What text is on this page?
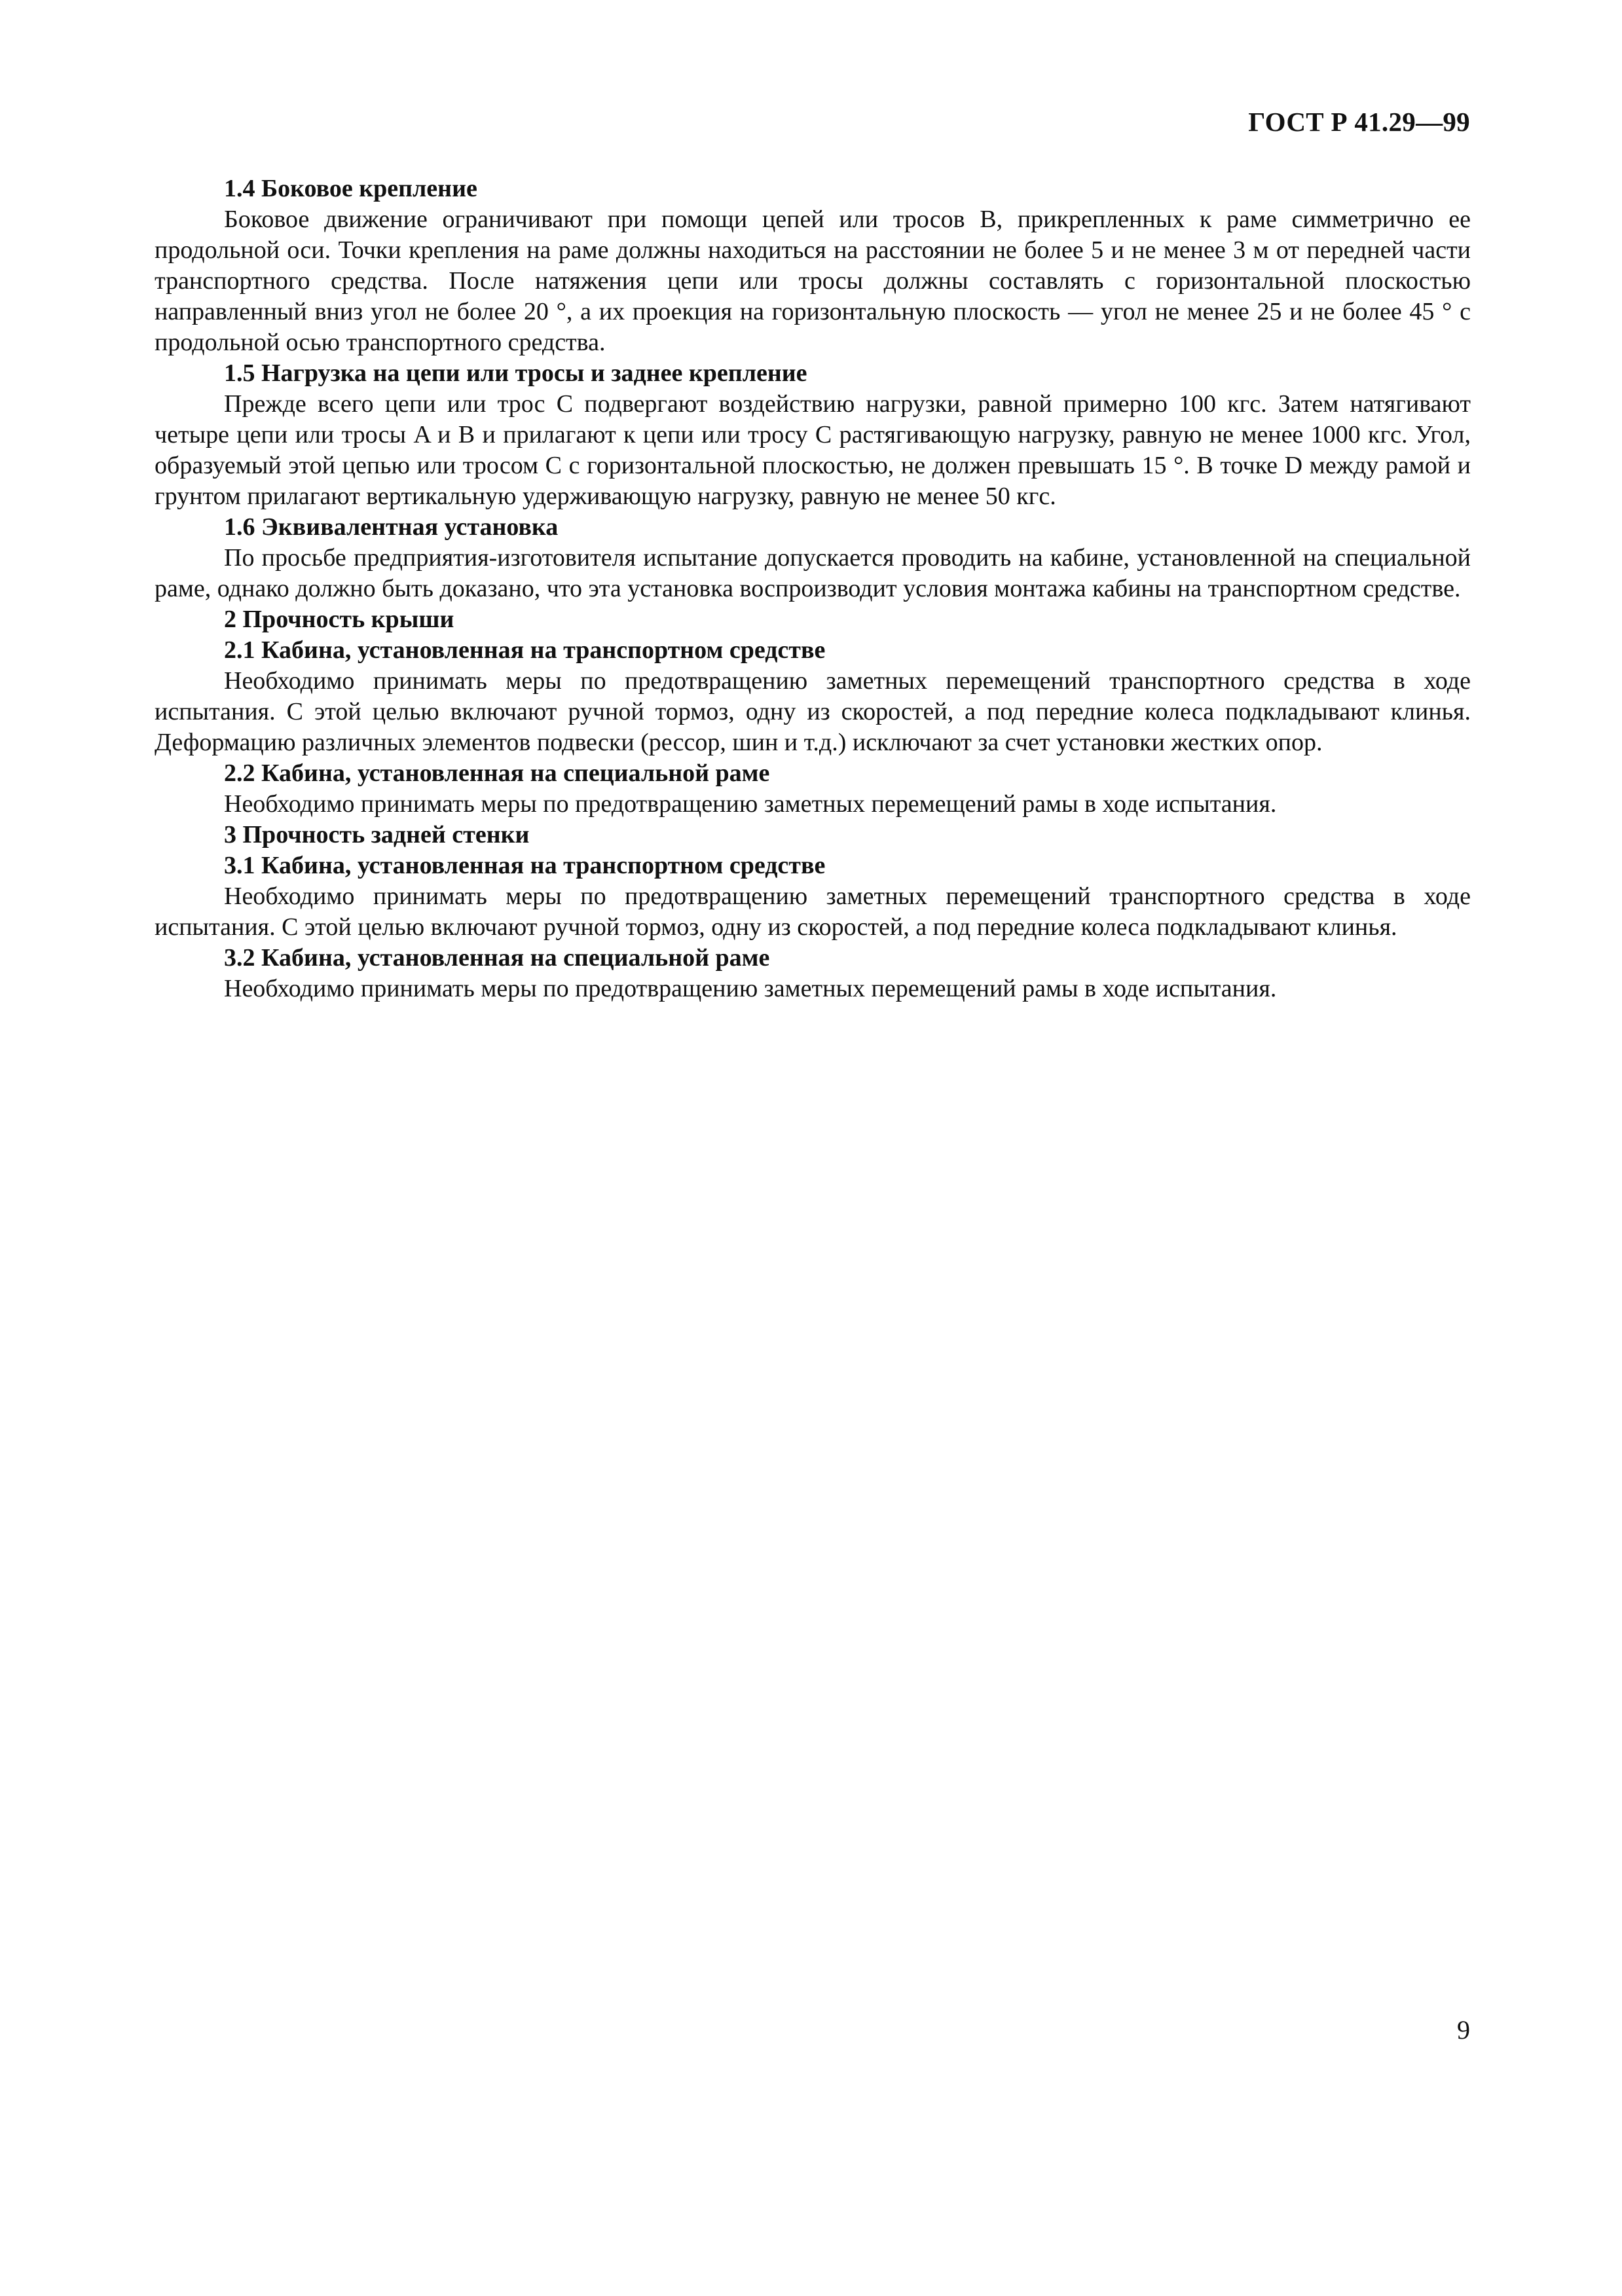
ГОСТ Р 41.29—99

1.4 Боковое крепление

Боковое движение ограничивают при помощи цепей или тросов B, прикрепленных к раме симметрично ее продольной оси. Точки крепления на раме должны находиться на расстоянии не более 5 и не менее 3 м от передней части транспортного средства. После натяжения цепи или тросы должны составлять с горизонтальной плоскостью направленный вниз угол не более 20 °, а их проекция на горизонтальную плоскость — угол не менее 25 и не более 45 ° с продольной осью транспортного средства.

1.5 Нагрузка на цепи или тросы и заднее крепление

Прежде всего цепи или трос C подвергают воздействию нагрузки, равной примерно 100 кгс. Затем натягивают четыре цепи или тросы A и B и прилагают к цепи или тросу C растягивающую нагрузку, равную не менее 1000 кгс. Угол, образуемый этой цепью или тросом C с горизонтальной плоскостью, не должен превышать 15 °. В точке D между рамой и грунтом прилагают вертикальную удерживающую нагрузку, равную не менее 50 кгс.

1.6 Эквивалентная установка

По просьбе предприятия-изготовителя испытание допускается проводить на кабине, установленной на специальной раме, однако должно быть доказано, что эта установка воспроизводит условия монтажа кабины на транспортном средстве.

2 Прочность крыши

2.1 Кабина, установленная на транспортном средстве

Необходимо принимать меры по предотвращению заметных перемещений транспортного средства в ходе испытания. С этой целью включают ручной тормоз, одну из скоростей, а под передние колеса подкладывают клинья. Деформацию различных элементов подвески (рессор, шин и т.д.) исключают за счет установки жестких опор.

2.2 Кабина, установленная на специальной раме

Необходимо принимать меры по предотвращению заметных перемещений рамы в ходе испытания.

3 Прочность задней стенки

3.1 Кабина, установленная на транспортном средстве

Необходимо принимать меры по предотвращению заметных перемещений транспортного средства в ходе испытания. С этой целью включают ручной тормоз, одну из скоростей, а под передние колеса подкладывают клинья.

3.2 Кабина, установленная на специальной раме

Необходимо принимать меры по предотвращению заметных перемещений рамы в ходе испытания.

9
